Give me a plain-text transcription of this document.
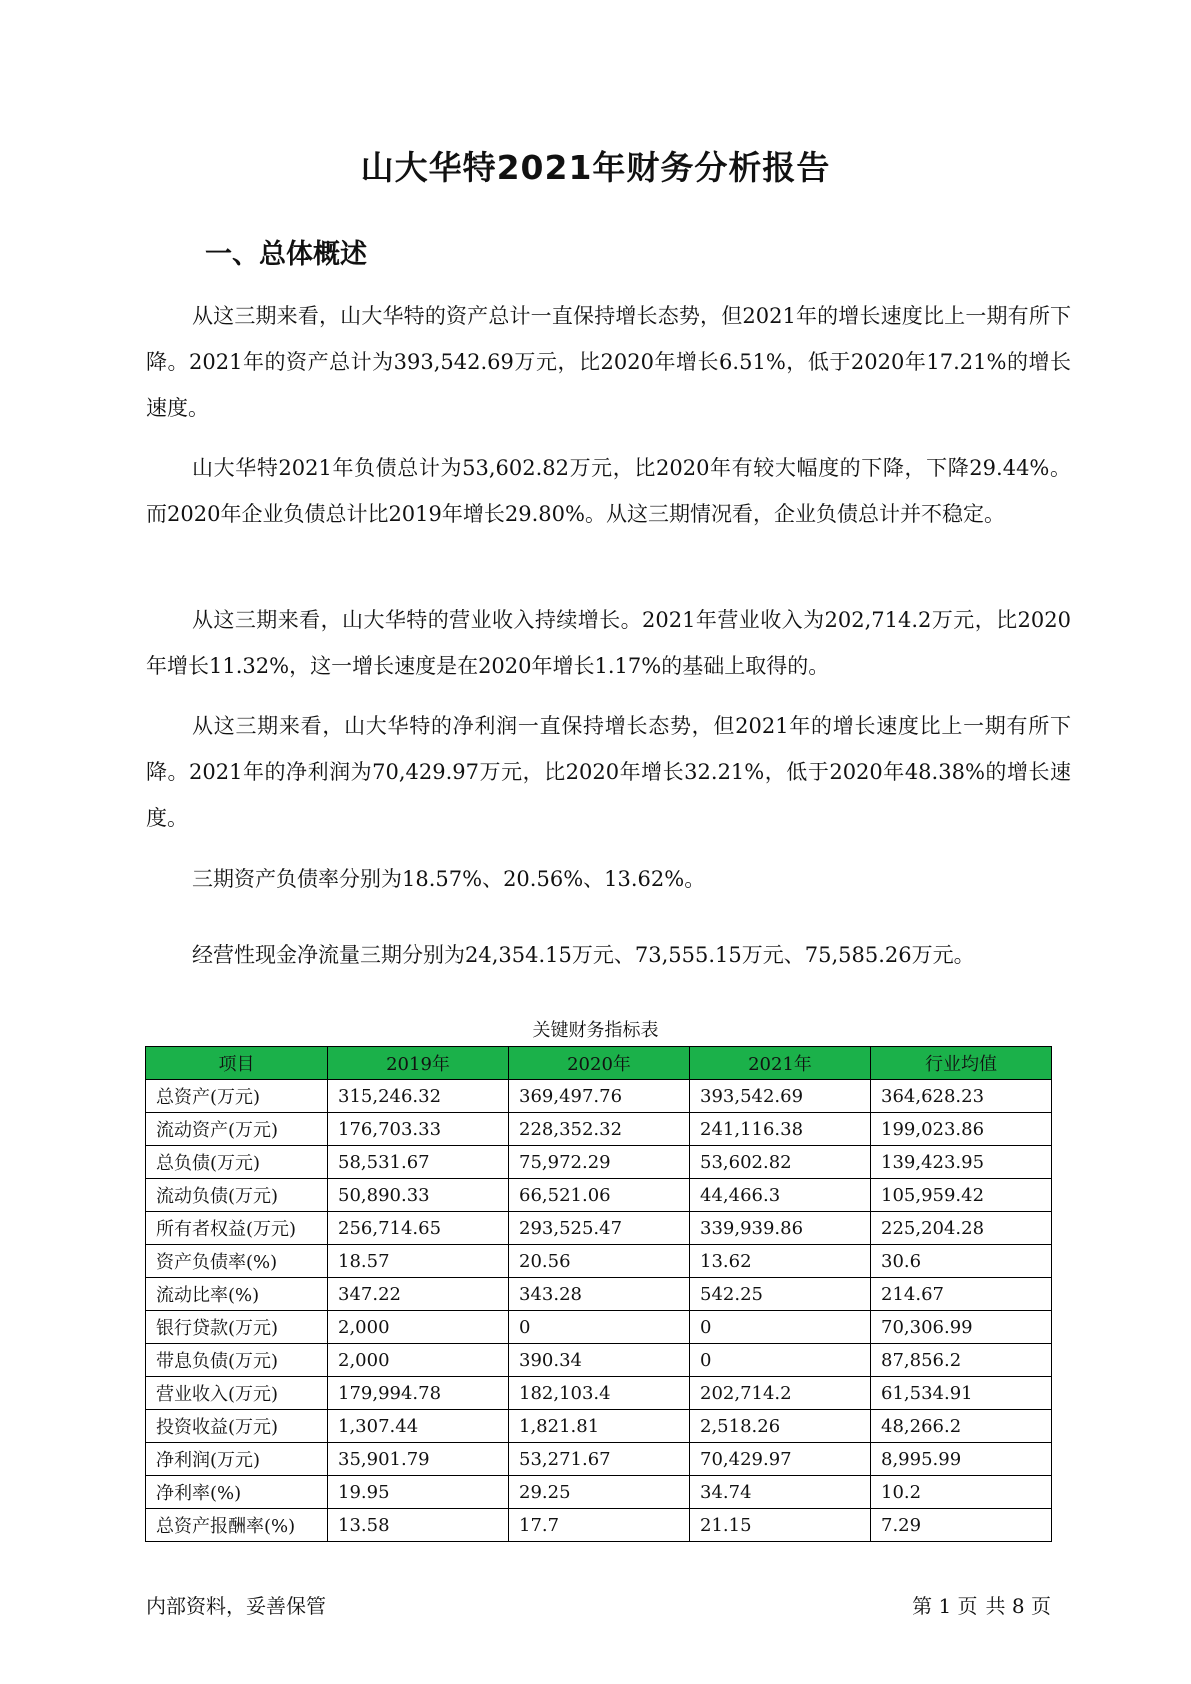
山大华特2021年财务分析报告
一、总体概述

从这三期来看，山大华特的资产总计一直保持增长态势，但2021年的增长速度比上一期有所下降。2021年的资产总计为393,542.69万元，比2020年增长6.51%，低于2020年17.21%的增长速度。

山大华特2021年负债总计为53,602.82万元，比2020年有较大幅度的下降，下降29.44%。而2020年企业负债总计比2019年增长29.80%。从这三期情况看，企业负债总计并不稳定。

从这三期来看，山大华特的营业收入持续增长。2021年营业收入为202,714.2万元，比2020年增长11.32%，这一增长速度是在2020年增长1.17%的基础上取得的。

从这三期来看，山大华特的净利润一直保持增长态势，但2021年的增长速度比上一期有所下降。2021年的净利润为70,429.97万元，比2020年增长32.21%，低于2020年48.38%的增长速度。

三期资产负债率分别为18.57%、20.56%、13.62%。

经营性现金净流量三期分别为24,354.15万元、73,555.15万元、75,585.26万元。

关键财务指标表

项目	2019年	2020年	2021年	行业均值
总资产(万元)	315,246.32	369,497.76	393,542.69	364,628.23
流动资产(万元)	176,703.33	228,352.32	241,116.38	199,023.86
总负债(万元)	58,531.67	75,972.29	53,602.82	139,423.95
流动负债(万元)	50,890.33	66,521.06	44,466.3	105,959.42
所有者权益(万元)	256,714.65	293,525.47	339,939.86	225,204.28
资产负债率(%)	18.57	20.56	13.62	30.6
流动比率(%)	347.22	343.28	542.25	214.67
银行贷款(万元)	2,000	0	0	70,306.99
带息负债(万元)	2,000	390.34	0	87,856.2
营业收入(万元)	179,994.78	182,103.4	202,714.2	61,534.91
投资收益(万元)	1,307.44	1,821.81	2,518.26	48,266.2
净利润(万元)	35,901.79	53,271.67	70,429.97	8,995.99
净利率(%)	19.95	29.25	34.74	10.2
总资产报酬率(%)	13.58	17.7	21.15	7.29

内部资料，妥善保管	第 1 页 共 8 页
